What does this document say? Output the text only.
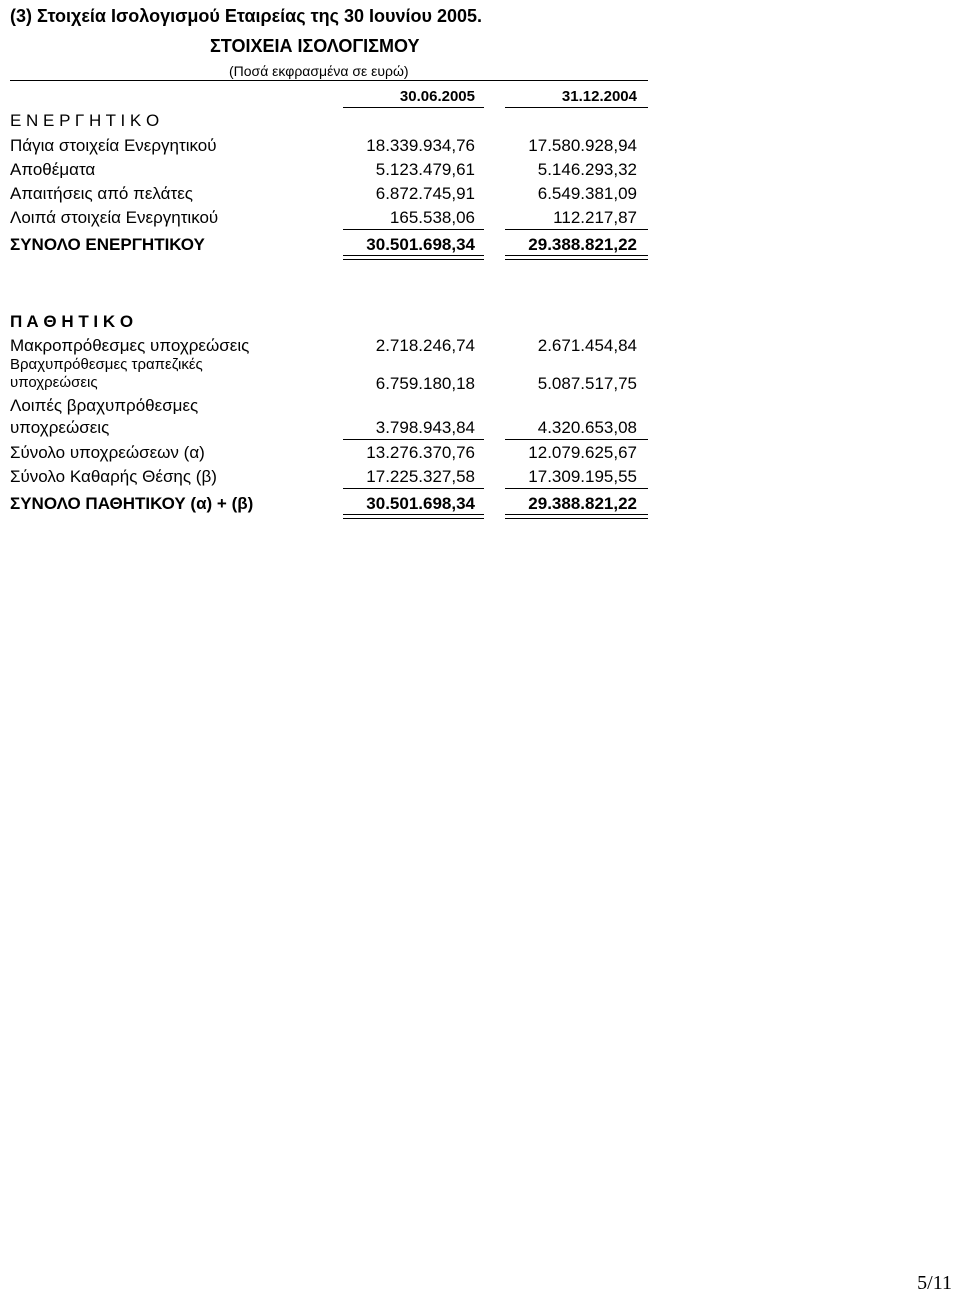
(3) Στοιχεία Ισολογισμού Εταιρείας της 30 Ιουνίου 2005.
ΣΤΟΙΧΕΙΑ ΙΣΟΛΟΓΙΣΜΟΥ
(Ποσά εκφρασμένα σε ευρώ)
30.06.2005	31.12.2004
Ε Ν Ε Ρ Γ Η Τ Ι Κ Ο
Πάγια στοιχεία Ενεργητικού	18.339.934,76	17.580.928,94
Αποθέματα	5.123.479,61	5.146.293,32
Απαιτήσεις από πελάτες	6.872.745,91	6.549.381,09
Λοιπά στοιχεία Ενεργητικού	165.538,06	112.217,87
ΣΥΝΟΛΟ ΕΝΕΡΓΗΤΙΚΟΥ	30.501.698,34	29.388.821,22
Π Α Θ Η Τ Ι Κ Ο
Μακροπρόθεσμες υποχρεώσεις	2.718.246,74	2.671.454,84
Βραχυπρόθεσμες τραπεζικές
υποχρεώσεις	6.759.180,18	5.087.517,75
Λοιπές βραχυπρόθεσμες
υποχρεώσεις	3.798.943,84	4.320.653,08
Σύνολο υποχρεώσεων (α)	13.276.370,76	12.079.625,67
Σύνολο Καθαρής Θέσης (β)	17.225.327,58	17.309.195,55
ΣΥΝΟΛΟ ΠΑΘΗΤΙΚΟΥ (α) + (β)	30.501.698,34	29.388.821,22
5/11
